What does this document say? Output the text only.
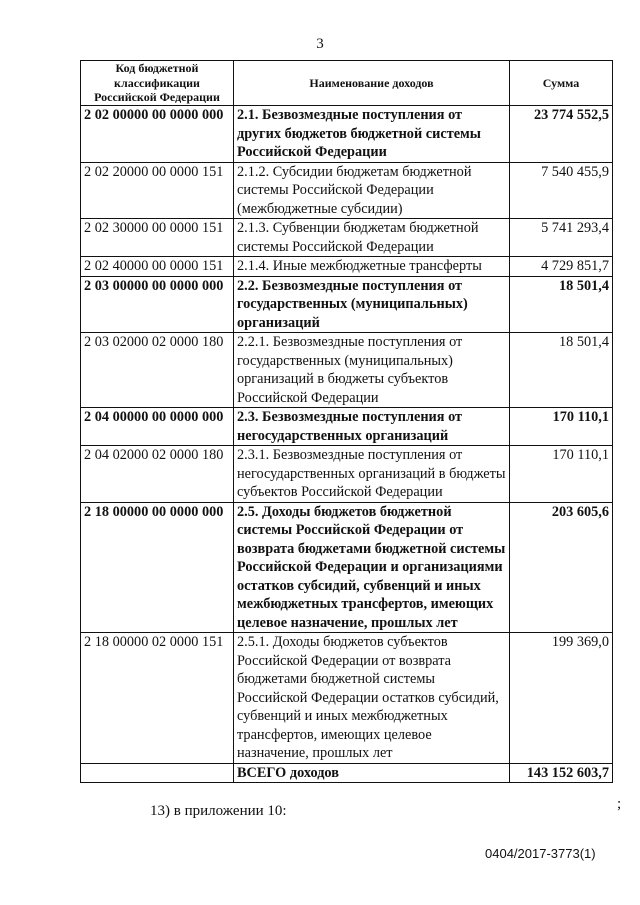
3
Код бюджетной классификации Российской Федерации	Наименование доходов	Сумма
2 02 00000 00 0000 000	2.1. Безвозмездные поступления от других бюджетов бюджетной системы Российской Федерации	23 774 552,5
2 02 20000 00 0000 151	2.1.2. Субсидии бюджетам бюджетной системы Российской Федерации (межбюджетные субсидии)	7 540 455,9
2 02 30000 00 0000 151	2.1.3. Субвенции бюджетам бюджетной системы Российской Федерации	5 741 293,4
2 02 40000 00 0000 151	2.1.4. Иные межбюджетные трансферты	4 729 851,7
2 03 00000 00 0000 000	2.2. Безвозмездные поступления от государственных (муниципальных) организаций	18 501,4
2 03 02000 02 0000 180	2.2.1. Безвозмездные поступления от государственных (муниципальных) организаций в бюджеты субъектов Российской Федерации	18 501,4
2 04 00000 00 0000 000	2.3. Безвозмездные поступления от негосударственных организаций	170 110,1
2 04 02000 02 0000 180	2.3.1. Безвозмездные поступления от негосударственных организаций в бюджеты субъектов Российской Федерации	170 110,1
2 18 00000 00 0000 000	2.5. Доходы бюджетов бюджетной системы Российской Федерации от возврата бюджетами бюджетной системы Российской Федерации и организациями остатков субсидий, субвенций и иных межбюджетных трансфертов, имеющих целевое назначение, прошлых лет	203 605,6
2 18 00000 02 0000 151	2.5.1. Доходы бюджетов субъектов Российской Федерации от возврата бюджетами бюджетной системы Российской Федерации остатков субсидий, субвенций и иных межбюджетных трансфертов, имеющих целевое назначение, прошлых лет	199 369,0
	ВСЕГО доходов	143 152 603,7
;
13) в приложении 10:
0404/2017-3773(1)
